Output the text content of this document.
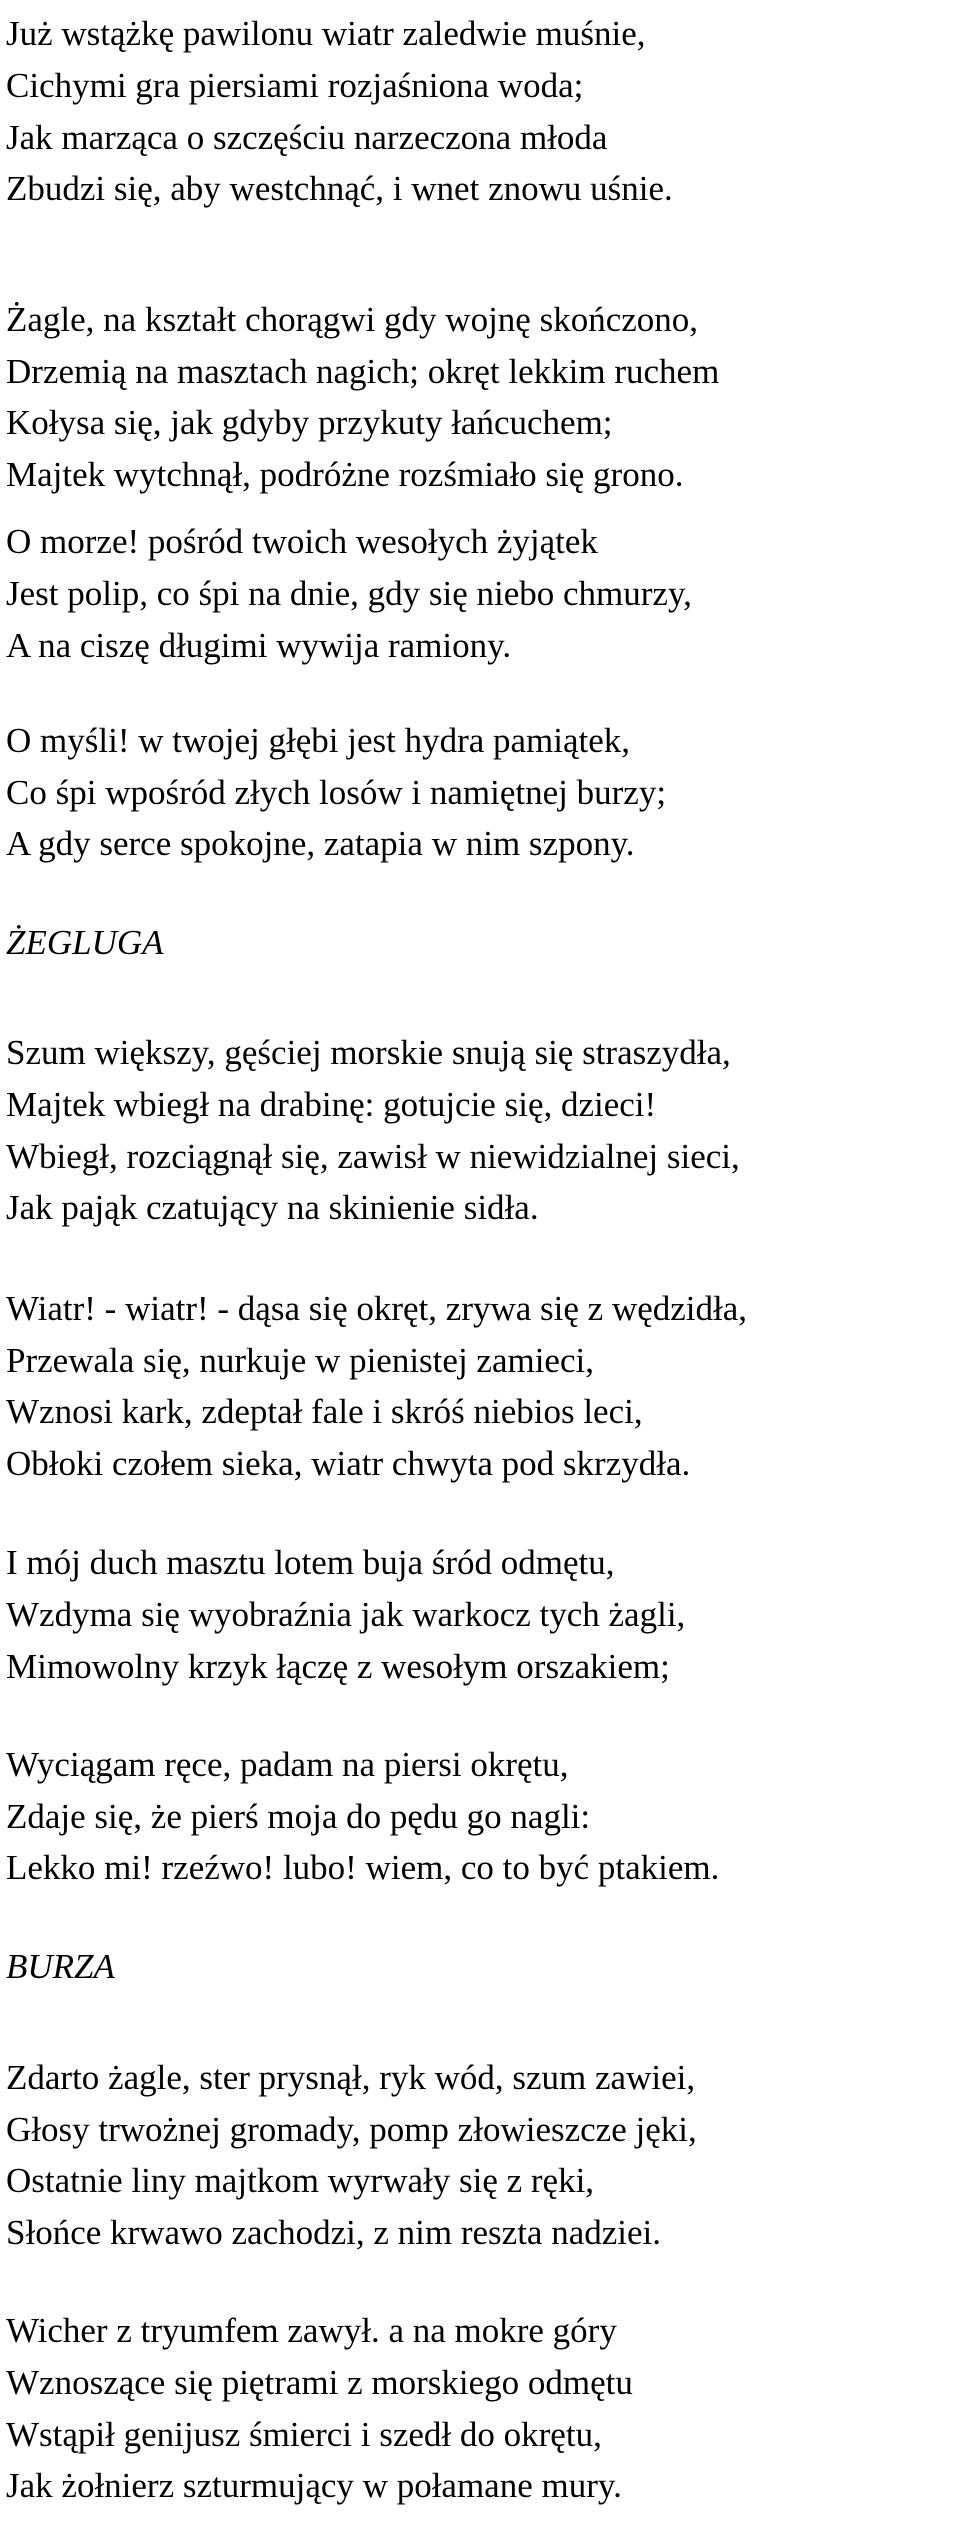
Już wstążkę pawilonu wiatr zaledwie muśnie,
Cichymi gra piersiami rozjaśniona woda;
Jak marząca o szczęściu narzeczona młoda
Zbudzi się, aby westchnąć, i wnet znowu uśnie.
Żagle, na kształt chorągwi gdy wojnę skończono,
Drzemią na masztach nagich; okręt lekkim ruchem
Kołysa się, jak gdyby przykuty łańcuchem;
Majtek wytchnął, podróżne rozśmiało się grono.
O morze! pośród twoich wesołych żyjątek
Jest polip, co śpi na dnie, gdy się niebo chmurzy,
A na ciszę długimi wywija ramiony.
O myśli! w twojej głębi jest hydra pamiątek,
Co śpi wpośród złych losów i namiętnej burzy;
A gdy serce spokojne, zatapia w nim szpony.
ŻEGLUGA
Szum większy, gęściej morskie snują się straszydła,
Majtek wbiegł na drabinę: gotujcie się, dzieci!
Wbiegł, rozciągnął się, zawisł w niewidzialnej sieci,
Jak pająk czatujący na skinienie sidła.
Wiatr! - wiatr! - dąsa się okręt, zrywa się z wędzidła,
Przewala się, nurkuje w pienistej zamieci,
Wznosi kark, zdeptał fale i skróś niebios leci,
Obłoki czołem sieka, wiatr chwyta pod skrzydła.
I mój duch masztu lotem buja śród odmętu,
Wzdyma się wyobraźnia jak warkocz tych żagli,
Mimowolny krzyk łączę z wesołym orszakiem;
Wyciągam ręce, padam na piersi okrętu,
Zdaje się, że pierś moja do pędu go nagli:
Lekko mi! rzeźwo! lubo! wiem, co to być ptakiem.
BURZA
Zdarto żagle, ster prysnął, ryk wód, szum zawiei,
Głosy trwożnej gromady, pomp złowieszcze jęki,
Ostatnie liny majtkom wyrwały się z ręki,
Słońce krwawo zachodzi, z nim reszta nadziei.
Wicher z tryumfem zawył. a na mokre góry
Wznoszące się piętrami z morskiego odmętu
Wstąpił genijusz śmierci i szedł do okrętu,
Jak żołnierz szturmujący w połamane mury.
